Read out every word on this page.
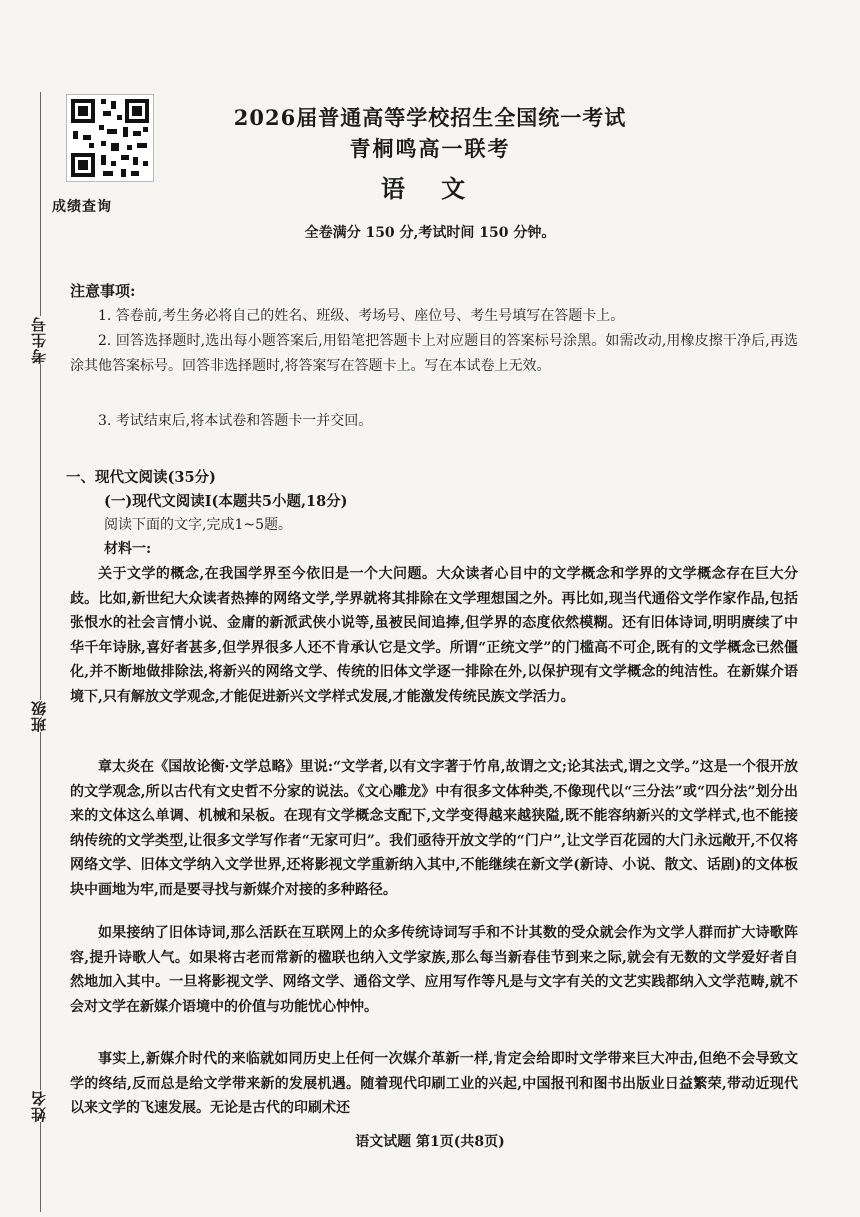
考生号
班级
姓名
成绩查询
2026届普通高等学校招生全国统一考试
青桐鸣高一联考
语 文
全卷满分 150 分,考试时间 150 分钟。
注意事项:
1. 答卷前,考生务必将自己的姓名、班级、考场号、座位号、考生号填写在答题卡上。
2. 回答选择题时,选出每小题答案后,用铅笔把答题卡上对应题目的答案标号涂黑。如需改动,用橡皮擦干净后,再选涂其他答案标号。回答非选择题时,将答案写在答题卡上。写在本试卷上无效。
3. 考试结束后,将本试卷和答题卡一并交回。
一、现代文阅读(35分)
(一)现代文阅读Ⅰ(本题共5小题,18分)
阅读下面的文字,完成1~5题。
材料一:
关于文学的概念,在我国学界至今依旧是一个大问题。大众读者心目中的文学概念和学界的文学概念存在巨大分歧。比如,新世纪大众读者热捧的网络文学,学界就将其排除在文学理想国之外。再比如,现当代通俗文学作家作品,包括张恨水的社会言情小说、金庸的新派武侠小说等,虽被民间追捧,但学界的态度依然模糊。还有旧体诗词,明明赓续了中华千年诗脉,喜好者甚多,但学界很多人还不肯承认它是文学。所谓“正统文学”的门槛高不可企,既有的文学概念已然僵化,并不断地做排除法,将新兴的网络文学、传统的旧体文学逐一排除在外,以保护现有文学概念的纯洁性。在新媒介语境下,只有解放文学观念,才能促进新兴文学样式发展,才能激发传统民族文学活力。
章太炎在《国故论衡·文学总略》里说:“文学者,以有文字著于竹帛,故谓之文;论其法式,谓之文学。”这是一个很开放的文学观念,所以古代有文史哲不分家的说法。《文心雕龙》中有很多文体种类,不像现代以“三分法”或“四分法”划分出来的文体这么单调、机械和呆板。在现有文学概念支配下,文学变得越来越狭隘,既不能容纳新兴的文学样式,也不能接纳传统的文学类型,让很多文学写作者“无家可归”。我们亟待开放文学的“门户”,让文学百花园的大门永远敞开,不仅将网络文学、旧体文学纳入文学世界,还将影视文学重新纳入其中,不能继续在新文学(新诗、小说、散文、话剧)的文体板块中画地为牢,而是要寻找与新媒介对接的多种路径。
如果接纳了旧体诗词,那么活跃在互联网上的众多传统诗词写手和不计其数的受众就会作为文学人群而扩大诗歌阵容,提升诗歌人气。如果将古老而常新的楹联也纳入文学家族,那么每当新春佳节到来之际,就会有无数的文学爱好者自然地加入其中。一旦将影视文学、网络文学、通俗文学、应用写作等凡是与文字有关的文艺实践都纳入文学范畴,就不会对文学在新媒介语境中的价值与功能忧心忡忡。
事实上,新媒介时代的来临就如同历史上任何一次媒介革新一样,肯定会给即时文学带来巨大冲击,但绝不会导致文学的终结,反而总是给文学带来新的发展机遇。随着现代印刷工业的兴起,中国报刊和图书出版业日益繁荣,带动近现代以来文学的飞速发展。无论是古代的印刷术还
语文试题 第1页(共8页)
